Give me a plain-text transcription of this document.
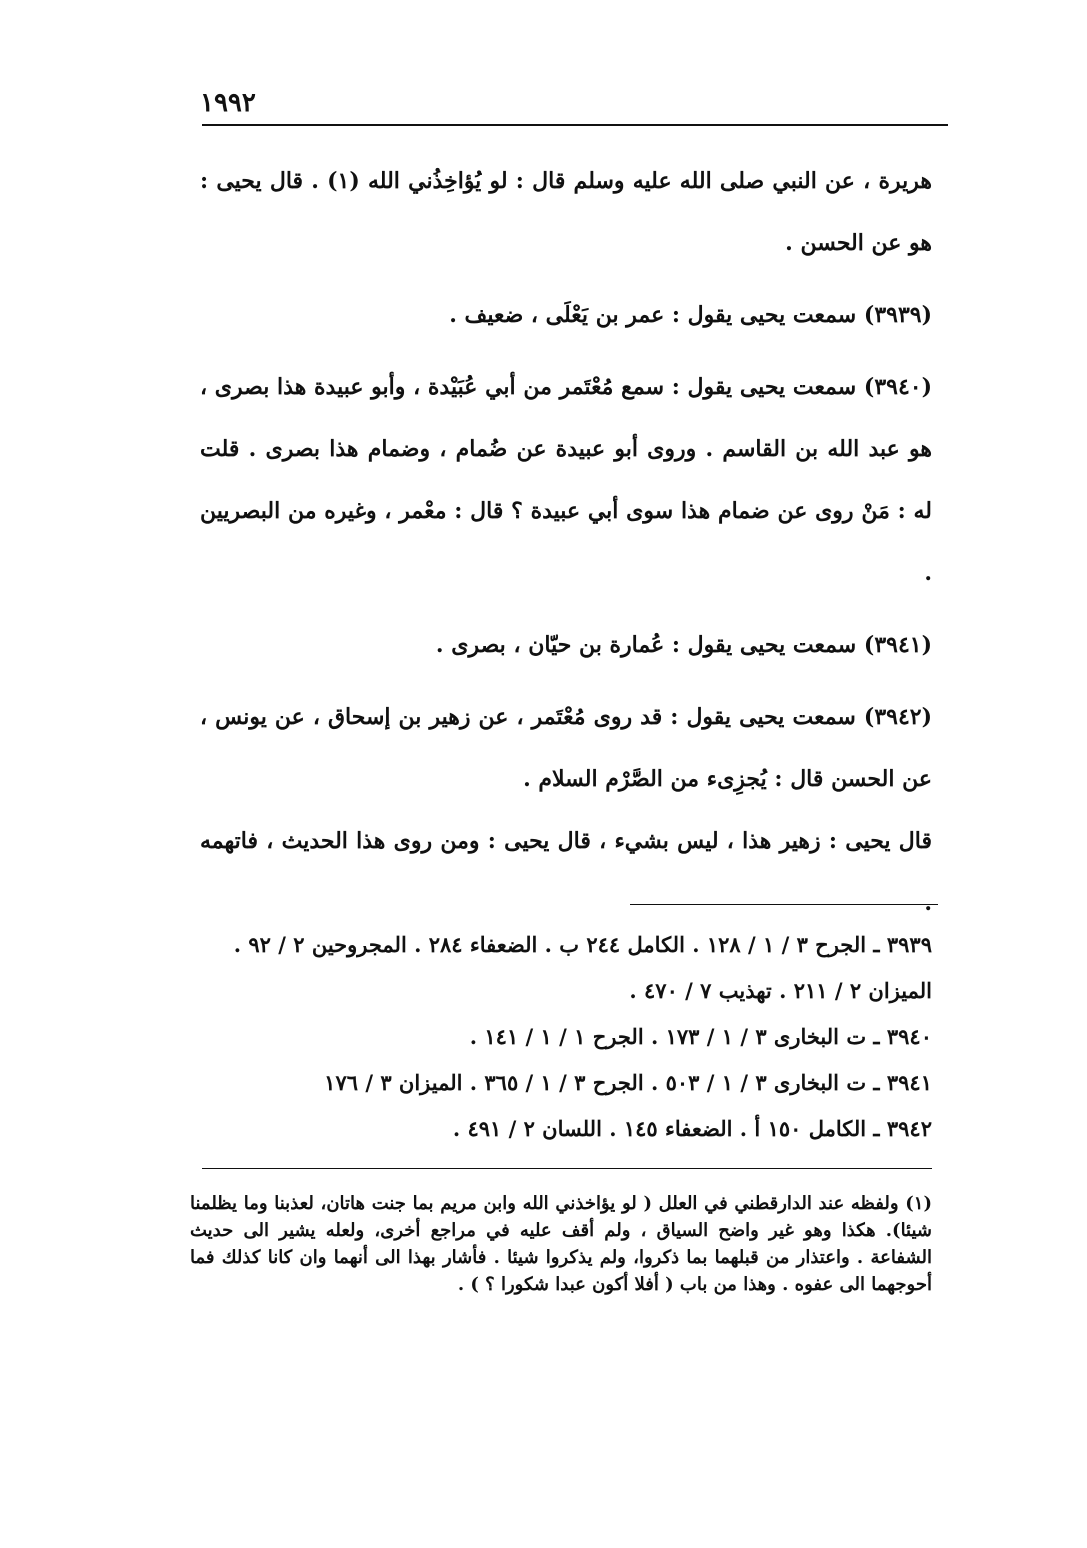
١٩٩٢

هريرة ، عن النبي صلى الله عليه وسلم قال : لو يُؤاخِذُني الله (١) . قال يحيى : هو عن الحسن .

(٣٩٣٩) سمعت يحيى يقول : عمر بن يَعْلَى ، ضعيف .

(٣٩٤٠) سمعت يحيى يقول : سمع مُعْتَمر من أبي عُبَيْدة ، وأبو عبيدة هذا بصرى ، هو عبد الله بن القاسم . وروى أبو عبيدة عن ضُمام ، وضمام هذا بصرى . قلت له : مَنْ روى عن ضمام هذا سوى أبي عبيدة ؟ قال : معْمر ، وغيره من البصريين .

(٣٩٤١) سمعت يحيى يقول : عُمارة بن حيّان ، بصرى .

(٣٩٤٢) سمعت يحيى يقول : قد روى مُعْتَمر ، عن زهير بن إسحاق ، عن يونس ، عن الحسن قال : يُجزِىء من الصَّرْم السلام .

قال يحيى : زهير هذا ، ليس بشيء ، قال يحيى : ومن روى هذا الحديث ، فاتهمه .

٣٩٣٩ ـ الجرح ٣ / ١ / ١٢٨ . الكامل ٢٤٤ ب . الضعفاء ٢٨٤ . المجروحين ٢ / ٩٢ . الميزان ٢ / ٢١١ . تهذيب ٧ / ٤٧٠ .
٣٩٤٠ ـ ت البخارى ٣ / ١ / ١٧٣ . الجرح ١ / ١ / ١٤١ .
٣٩٤١ ـ ت البخارى ٣ / ١ / ٥٠٣ . الجرح ٣ / ١ / ٣٦٥ . الميزان ٣ / ١٧٦
٣٩٤٢ ـ الكامل ١٥٠ أ . الضعفاء ١٤٥ . اللسان ٢ / ٤٩١ .

(١) ولفظه عند الدارقطني في العلل ( لو يؤاخذني الله وابن مريم بما جنت هاتان، لعذبنا وما يظلمنا شيئا). هكذا وهو غير واضح السياق ، ولم أقف عليه في مراجع أخرى، ولعله يشير الى حديث الشفاعة . واعتذار من قبلهما بما ذكروا، ولم يذكروا شيئا . فأشار بهذا الى أنهما وان كانا كذلك فما أحوجهما الى عفوه . وهذا من باب ( أفلا أكون عبدا شكورا ؟ ) .
